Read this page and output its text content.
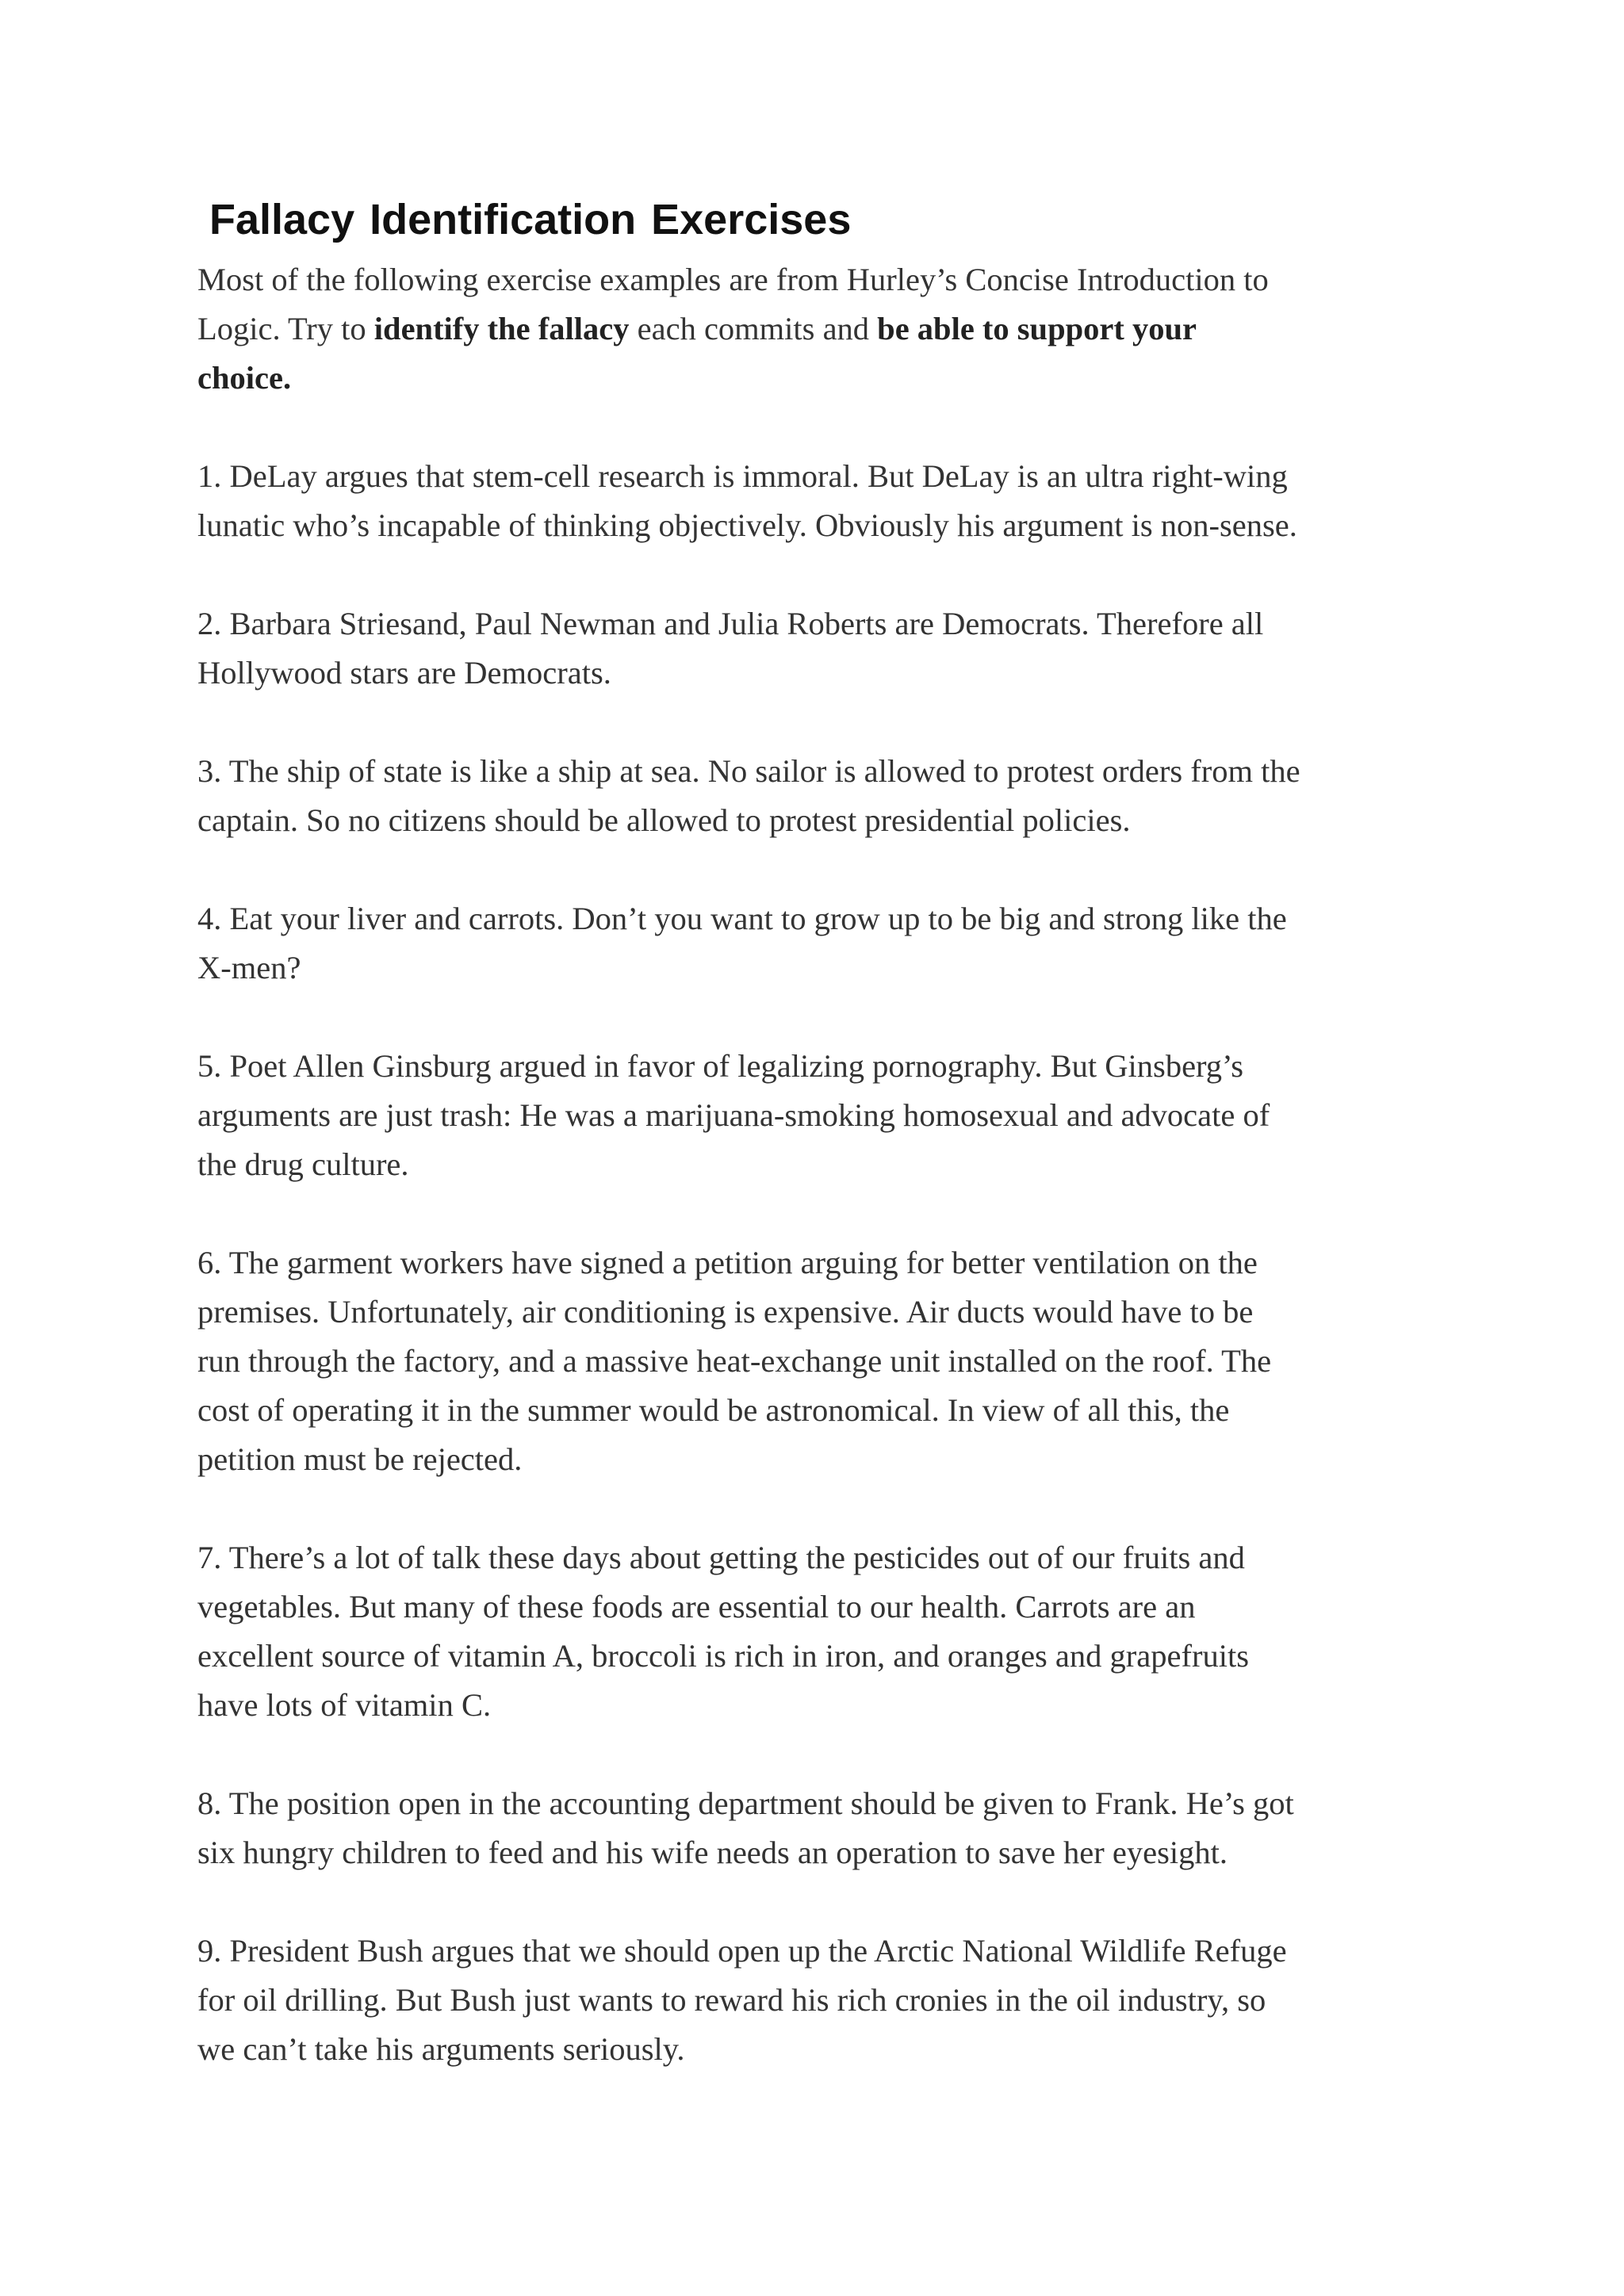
Fallacy Identification Exercises
Most of the following exercise examples are from Hurley’s Concise Introduction to
Logic. Try to identify the fallacy each commits and be able to support your
choice.
1. DeLay argues that stem-cell research is immoral. But DeLay is an ultra right-wing
lunatic who’s incapable of thinking objectively. Obviously his argument is non-sense.
2. Barbara Striesand, Paul Newman and Julia Roberts are Democrats. Therefore all
Hollywood stars are Democrats.
3. The ship of state is like a ship at sea. No sailor is allowed to protest orders from the
captain. So no citizens should be allowed to protest presidential policies.
4. Eat your liver and carrots. Don’t you want to grow up to be big and strong like the
X-men?
5. Poet Allen Ginsburg argued in favor of legalizing pornography. But Ginsberg’s
arguments are just trash: He was a marijuana-smoking homosexual and advocate of
the drug culture.
6. The garment workers have signed a petition arguing for better ventilation on the
premises. Unfortunately, air conditioning is expensive. Air ducts would have to be
run through the factory, and a massive heat-exchange unit installed on the roof. The
cost of operating it in the summer would be astronomical. In view of all this, the
petition must be rejected.
7. There’s a lot of talk these days about getting the pesticides out of our fruits and
vegetables. But many of these foods are essential to our health. Carrots are an
excellent source of vitamin A, broccoli is rich in iron, and oranges and grapefruits
have lots of vitamin C.
8. The position open in the accounting department should be given to Frank. He’s got
six hungry children to feed and his wife needs an operation to save her eyesight.
9. President Bush argues that we should open up the Arctic National Wildlife Refuge
for oil drilling. But Bush just wants to reward his rich cronies in the oil industry, so
we can’t take his arguments seriously.
